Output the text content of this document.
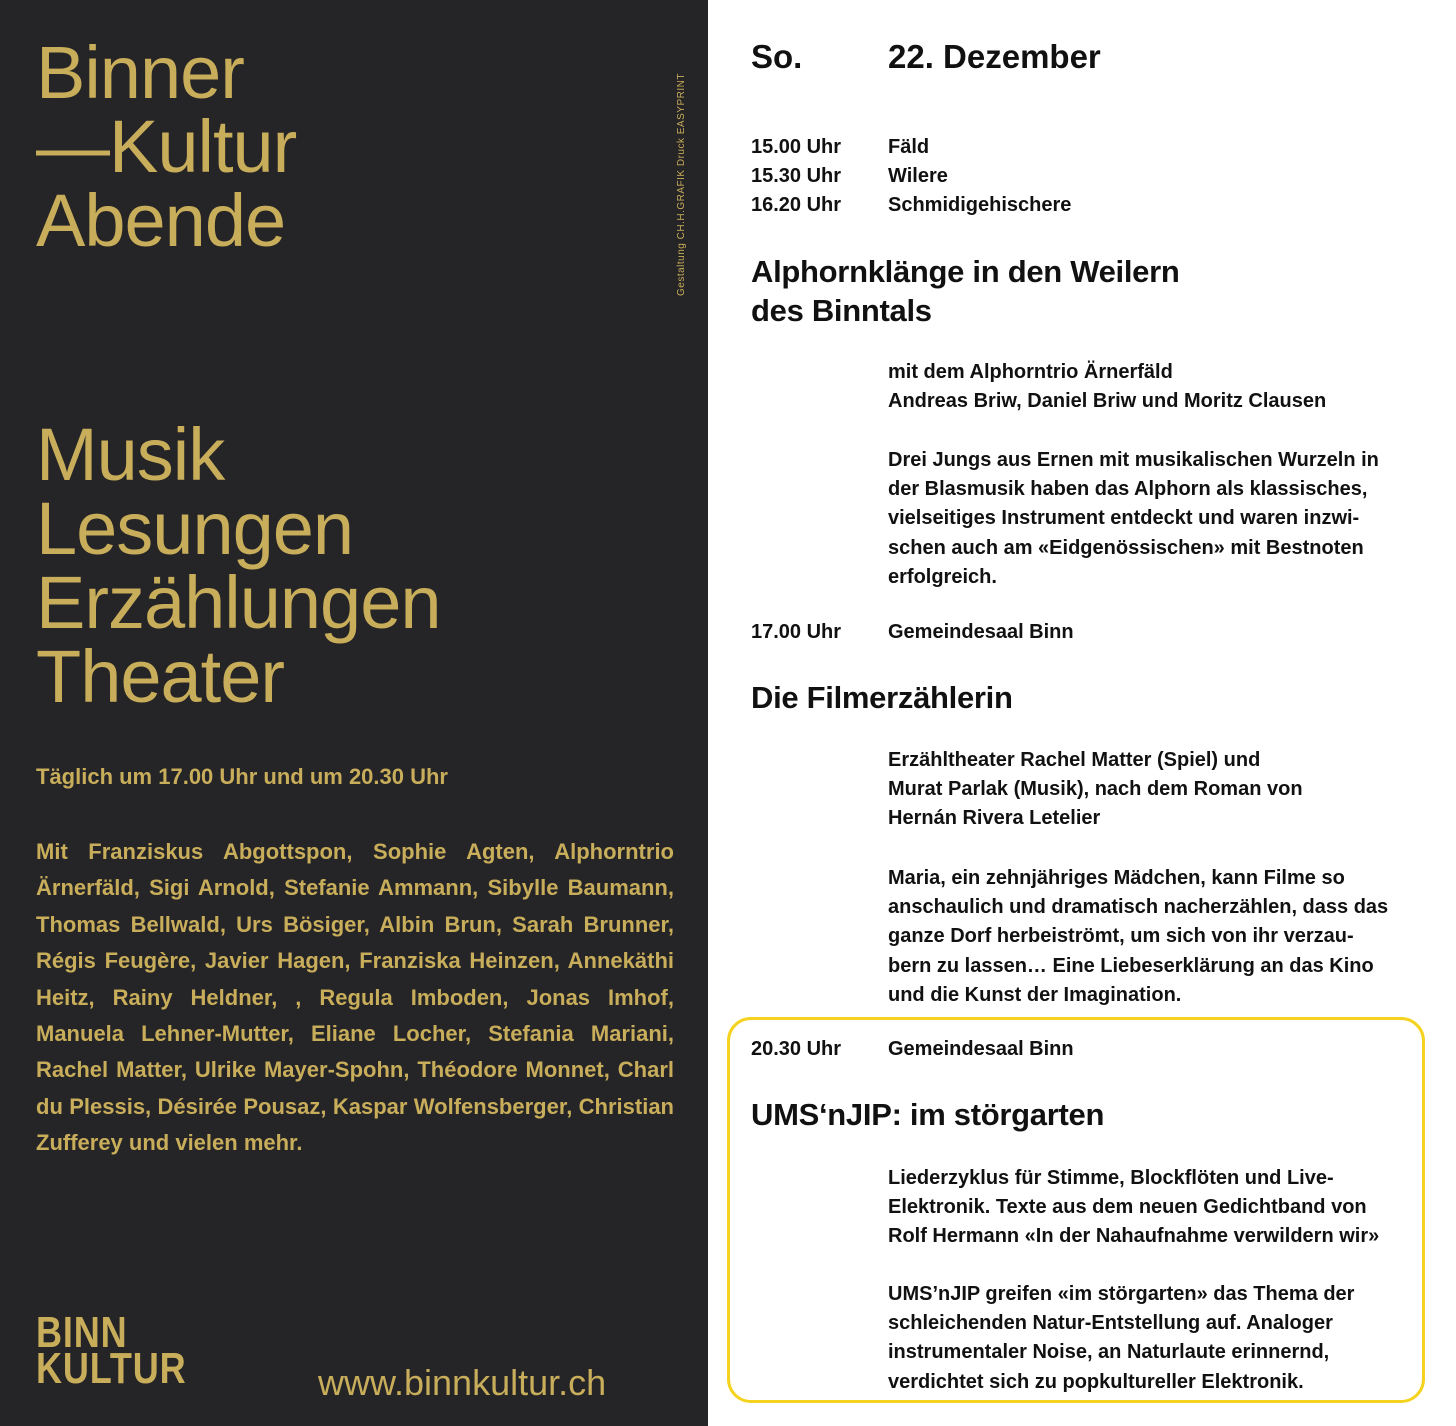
Binner
—Kultur
Abende	Gestaltung CH.H.GRAFIK Druck EASYPRINT
Musik
Lesungen
Erzählungen
Theater
Täglich um 17.00 Uhr und um 20.30 Uhr
Mit Franziskus Abgottspon, Sophie Agten, Alphorntrio Ärnerfäld, Sigi Arnold, Stefanie Ammann, Sibylle Baumann, Thomas Bellwald, Urs Bösiger, Albin Brun, Sarah Brunner, Régis Feugère, Javier Hagen, Franziska Heinzen, Annekäthi Heitz, Rainy Heldner, , Regula Imboden, Jonas Imhof, Manuela Lehner-Mutter, Eliane Locher, Stefania Mariani, Rachel Matter, Ulrike Mayer-Spohn, Théodore Monnet, Charl du Plessis, Désirée Pousaz, Kaspar Wolfensberger, Christian Zufferey und vielen mehr.
BINN
KULTUR	www.binnkultur.ch
So.	22. Dezember
15.00 Uhr Fäld
15.30 Uhr Wilere
16.20 Uhr Schmidigehischere
Alphornklänge in den Weilern
des Binntals
mit dem Alphorntrio Ärnerfäld
Andreas Briw, Daniel Briw und Moritz Clausen
Drei Jungs aus Ernen mit musikalischen Wurzeln in
der Blasmusik haben das Alphorn als klassisches,
vielseitiges Instrument entdeckt und waren inzwi-
schen auch am «Eidgenössischen» mit Bestnoten
erfolgreich.
17.00 Uhr Gemeindesaal Binn
Die Filmerzählerin
Erzähltheater Rachel Matter (Spiel) und
Murat Parlak (Musik), nach dem Roman von
Hernán Rivera Letelier
Maria, ein zehnjähriges Mädchen, kann Filme so
anschaulich und dramatisch nacherzählen, dass das
ganze Dorf herbeiströmt, um sich von ihr verzau-
bern zu lassen… Eine Liebeserklärung an das Kino
und die Kunst der Imagination.
20.30 Uhr Gemeindesaal Binn
UMS‘nJIP: im störgarten
Liederzyklus für Stimme, Blockflöten und Live-
Elektronik. Texte aus dem neuen Gedichtband von
Rolf Hermann «In der Nahaufnahme verwildern wir»
UMS’nJIP greifen «im störgarten» das Thema der
schleichenden Natur-Entstellung auf. Analoger
instrumentaler Noise, an Naturlaute erinnernd,
verdichtet sich zu popkultureller Elektronik.
